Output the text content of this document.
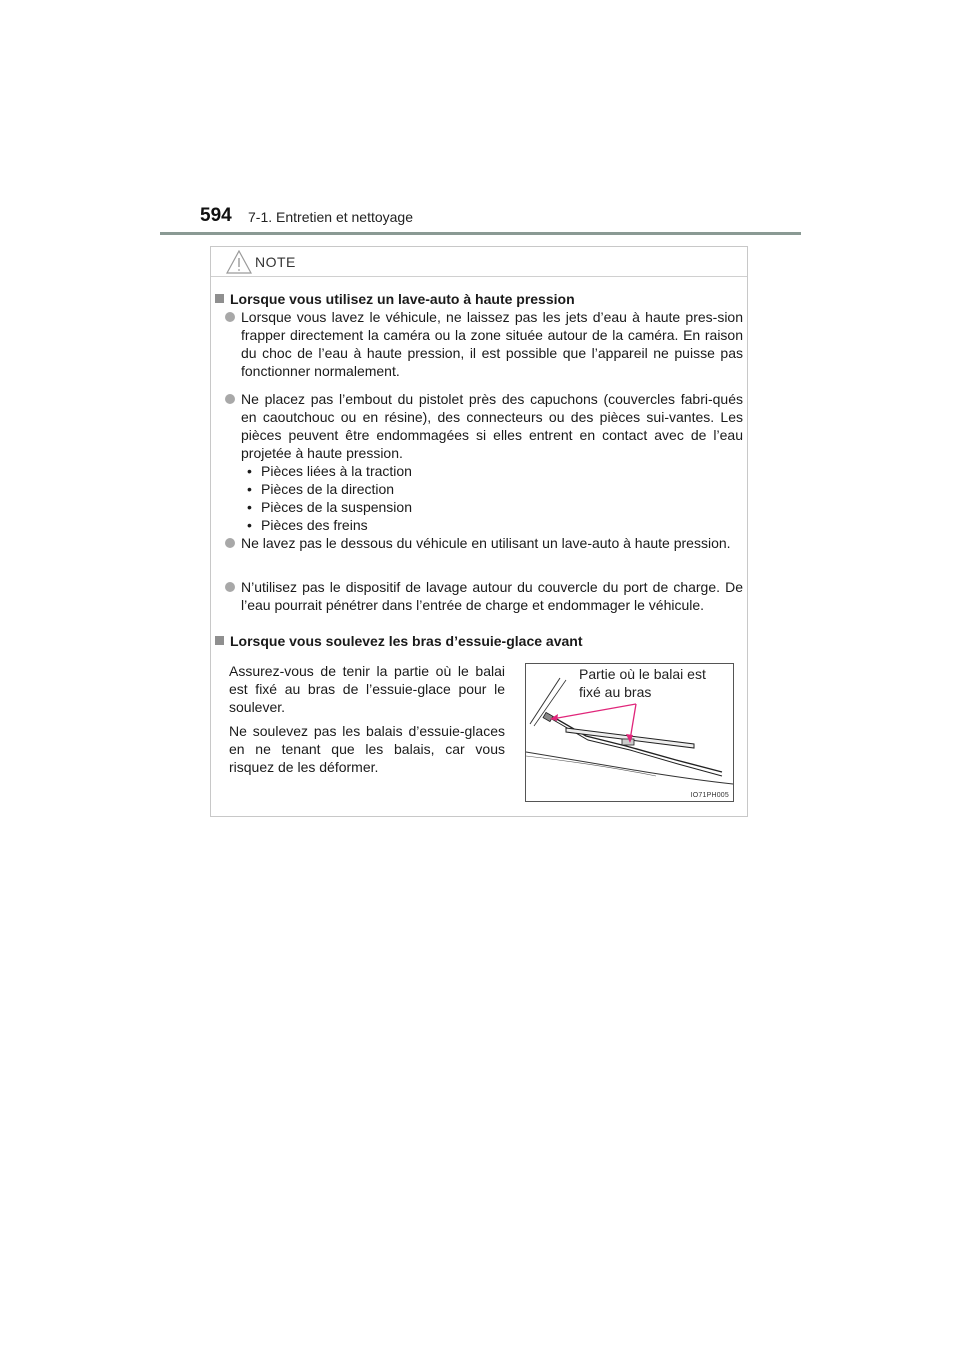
594 7-1. Entretien et nettoyage
NOTE
Lorsque vous utilisez un lave-auto à haute pression
Lorsque vous lavez le véhicule, ne laissez pas les jets d’eau à haute pres-sion frapper directement la caméra ou la zone située autour de la caméra. En raison du choc de l’eau à haute pression, il est possible que l’appareil ne puisse pas fonctionner normalement.
Ne placez pas l’embout du pistolet près des capuchons (couvercles fabri-qués en caoutchouc ou en résine), des connecteurs ou des pièces sui-vantes. Les pièces peuvent être endommagées si elles entrent en contact avec de l’eau projetée à haute pression.
• Pièces liées à la traction
• Pièces de la direction
• Pièces de la suspension
• Pièces des freins
Ne lavez pas le dessous du véhicule en utilisant un lave-auto à haute pression.
N’utilisez pas le dispositif de lavage autour du couvercle du port de charge. De l’eau pourrait pénétrer dans l’entrée de charge et endommager le véhicule.
Lorsque vous soulevez les bras d’essuie-glace avant
Assurez-vous de tenir la partie où le balai est fixé au bras de l’essuie-glace pour le soulever.
Ne soulevez pas les balais d’essuie-glaces en ne tenant que les balais, car vous risquez de les déformer.
Partie où le balai est
fixé au bras
IO71PH005
